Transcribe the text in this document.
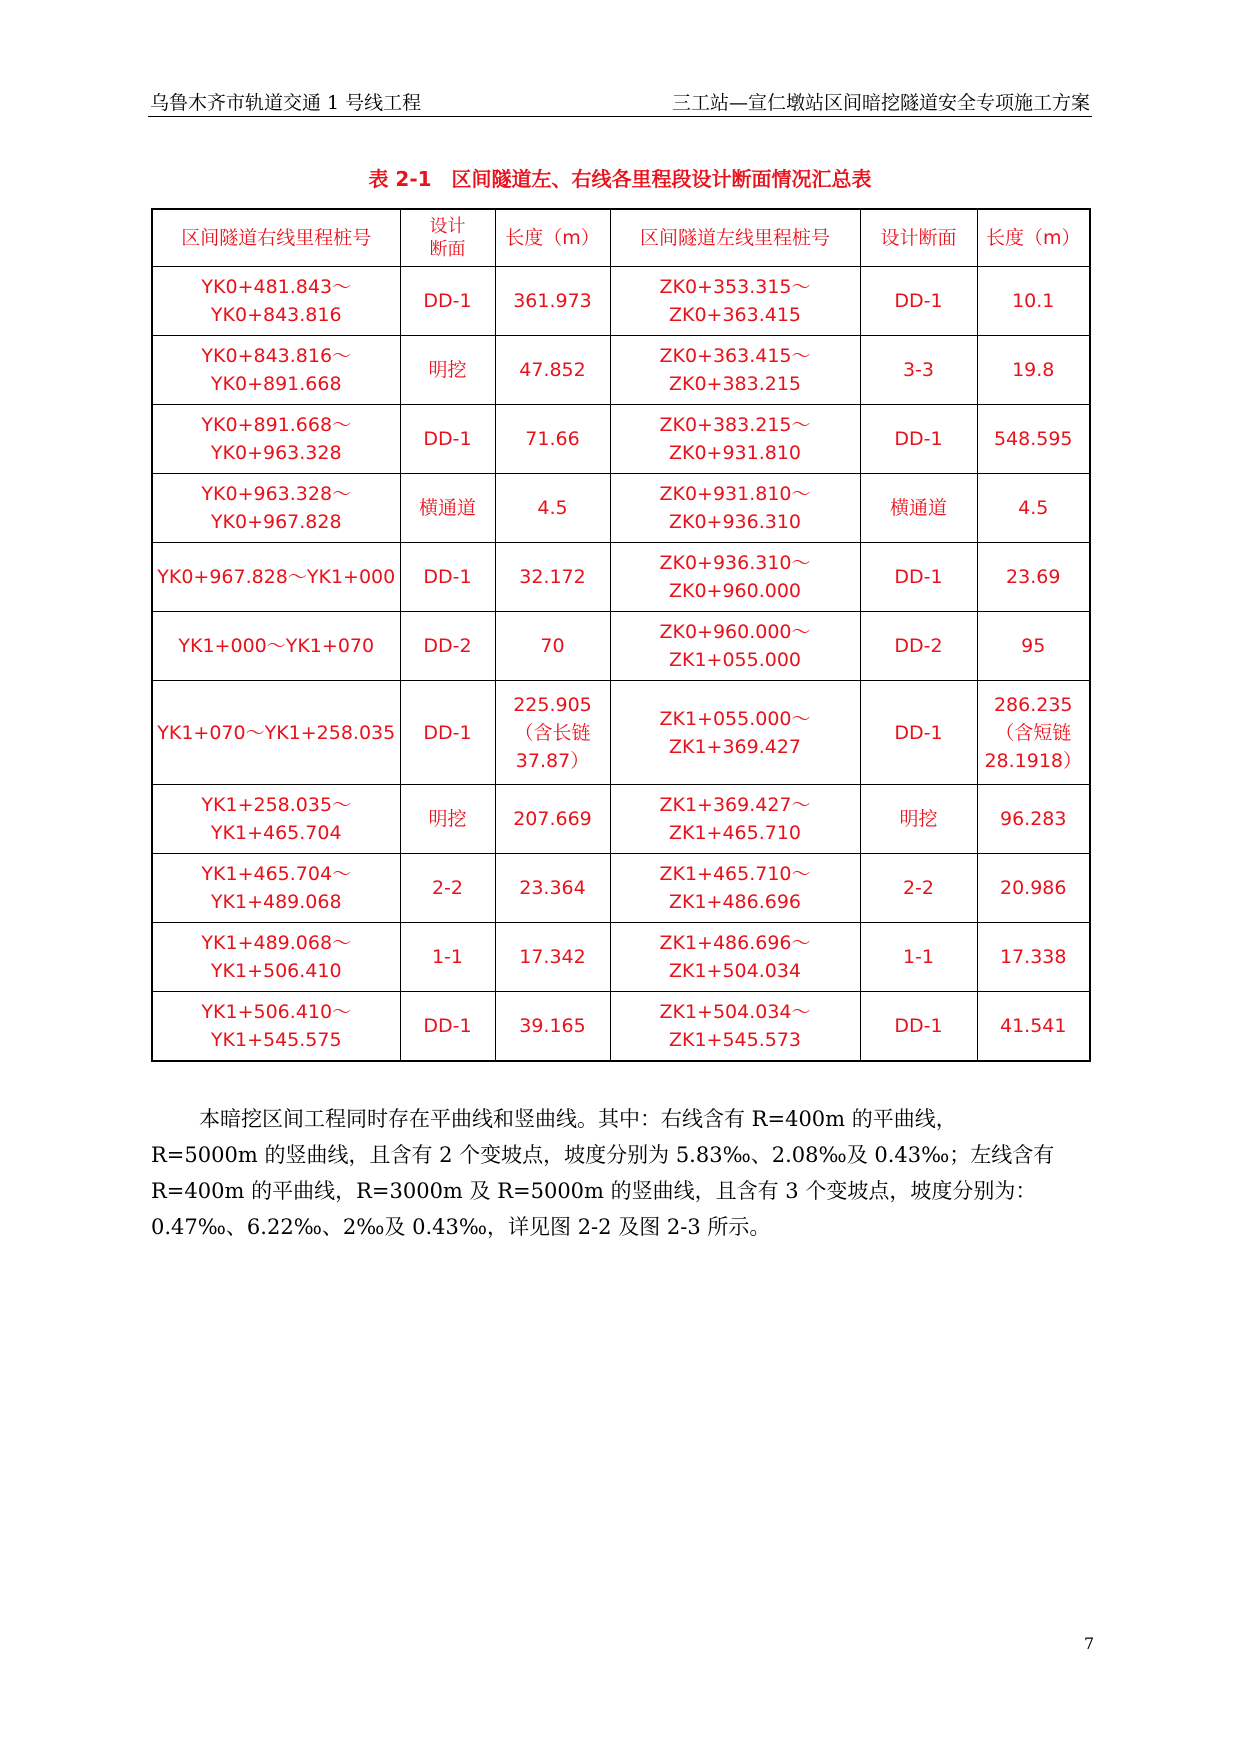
乌鲁木齐市轨道交通 1 号线工程	三工站—宣仁墩站区间暗挖隧道安全专项施工方案
表 2-1　区间隧道左、右线各里程段设计断面情况汇总表
区间隧道右线里程桩号	设计
断面	长度（m）	区间隧道左线里程桩号	设计断面	长度（m）

YK0+481.843～
YK0+843.816	DD-1	361.973	ZK0+353.315～
ZK0+363.415	DD-1	10.1

YK0+843.816～
YK0+891.668	明挖	47.852	ZK0+363.415～
ZK0+383.215	3-3	19.8

YK0+891.668～
YK0+963.328	DD-1	71.66	ZK0+383.215～
ZK0+931.810	DD-1	548.595

YK0+963.328～
YK0+967.828	横通道	4.5	ZK0+931.810～
ZK0+936.310	横通道	4.5

YK0+967.828～YK1+000	DD-1	32.172	ZK0+936.310～
ZK0+960.000	DD-1	23.69

YK1+000～YK1+070	DD-2	70	ZK0+960.000～
ZK1+055.000	DD-2	95

YK1+070～YK1+258.035	DD-1	225.905
（含长链
37.87）	ZK1+055.000～
ZK1+369.427	DD-1	286.235
（含短链
28.1918）

YK1+258.035～
YK1+465.704	明挖	207.669	ZK1+369.427～
ZK1+465.710	明挖	96.283

YK1+465.704～
YK1+489.068	2-2	23.364	ZK1+465.710～
ZK1+486.696	2-2	20.986

YK1+489.068～
YK1+506.410	1-1	17.342	ZK1+486.696～
ZK1+504.034	1-1	17.338

YK1+506.410～
YK1+545.575	DD-1	39.165	ZK1+504.034～
ZK1+545.573	DD-1	41.541
本暗挖区间工程同时存在平曲线和竖曲线。其中：右线含有 R=400m 的平曲线，
R=5000m 的竖曲线，且含有 2 个变坡点，坡度分别为 5.83‰、2.08‰及 0.43‰；左线含有
R=400m 的平曲线，R=3000m 及 R=5000m 的竖曲线，且含有 3 个变坡点，坡度分别为：
0.47‰、6.22‰、2‰及 0.43‰，详见图 2-2 及图 2-3 所示。
7
